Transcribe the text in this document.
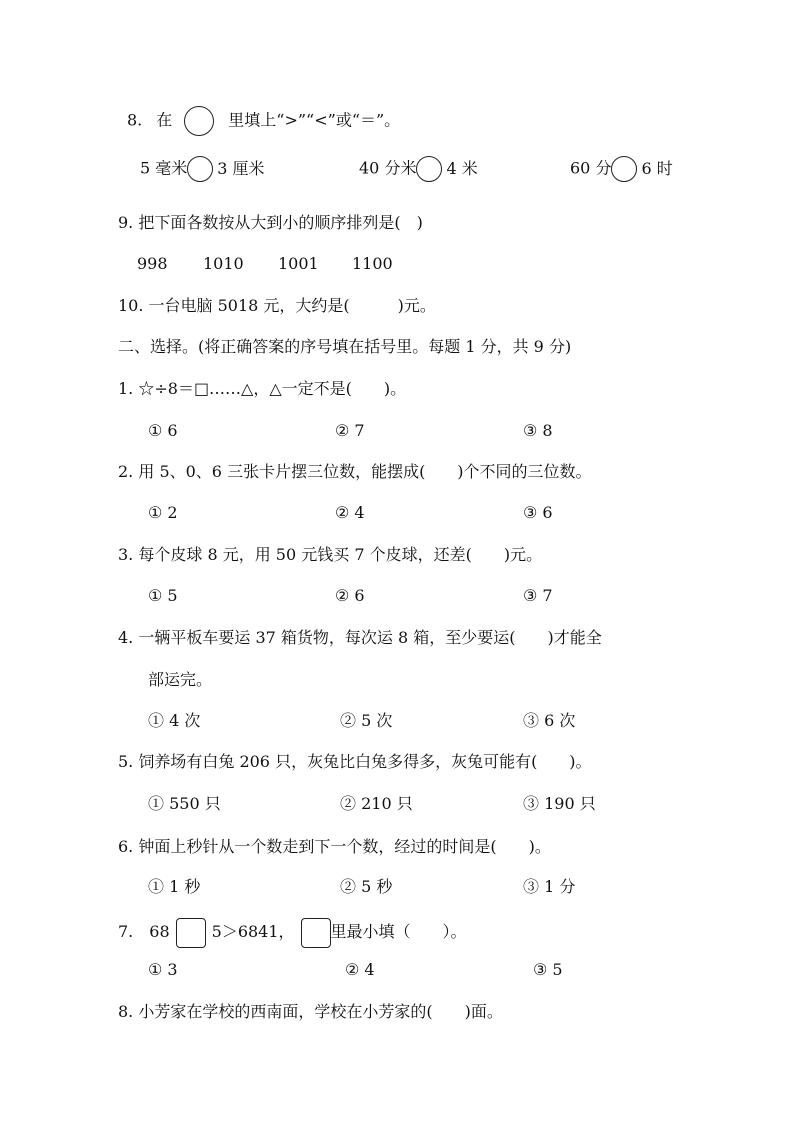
8. 在	里填上“>”“<”或“＝”。
5 毫米 3 厘米	40 分米 4 米	60 分 6 时
9. 把下面各数按从大到小的顺序排列是(　)
998 1010 1001 1100
10. 一台电脑 5018 元，大约是(　　　)元。
二、选择。(将正确答案的序号填在括号里。每题 1 分，共 9 分)
1. ☆÷8＝□……△，△一定不是(　　)。
① 6	② 7	③ 8
2. 用 5、0、6 三张卡片摆三位数，能摆成(　　)个不同的三位数。
① 2	② 4	③ 6
3. 每个皮球 8 元，用 50 元钱买 7 个皮球，还差(　　)元。
① 5	② 6	③ 7
4. 一辆平板车要运 37 箱货物，每次运 8 箱，至少要运(　　)才能全
部运完。
① 4 次	② 5 次	③ 6 次
5. 饲养场有白兔 206 只，灰兔比白兔多得多，灰兔可能有(　　)。
① 550 只	② 210 只	③ 190 只
6. 钟面上秒针从一个数走到下一个数，经过的时间是(　　)。
① 1 秒	② 5 秒	③ 1 分
7.　68	5＞6841， 里最小填（　　）。
① 3	② 4	③ 5
8. 小芳家在学校的西南面，学校在小芳家的(　　)面。
